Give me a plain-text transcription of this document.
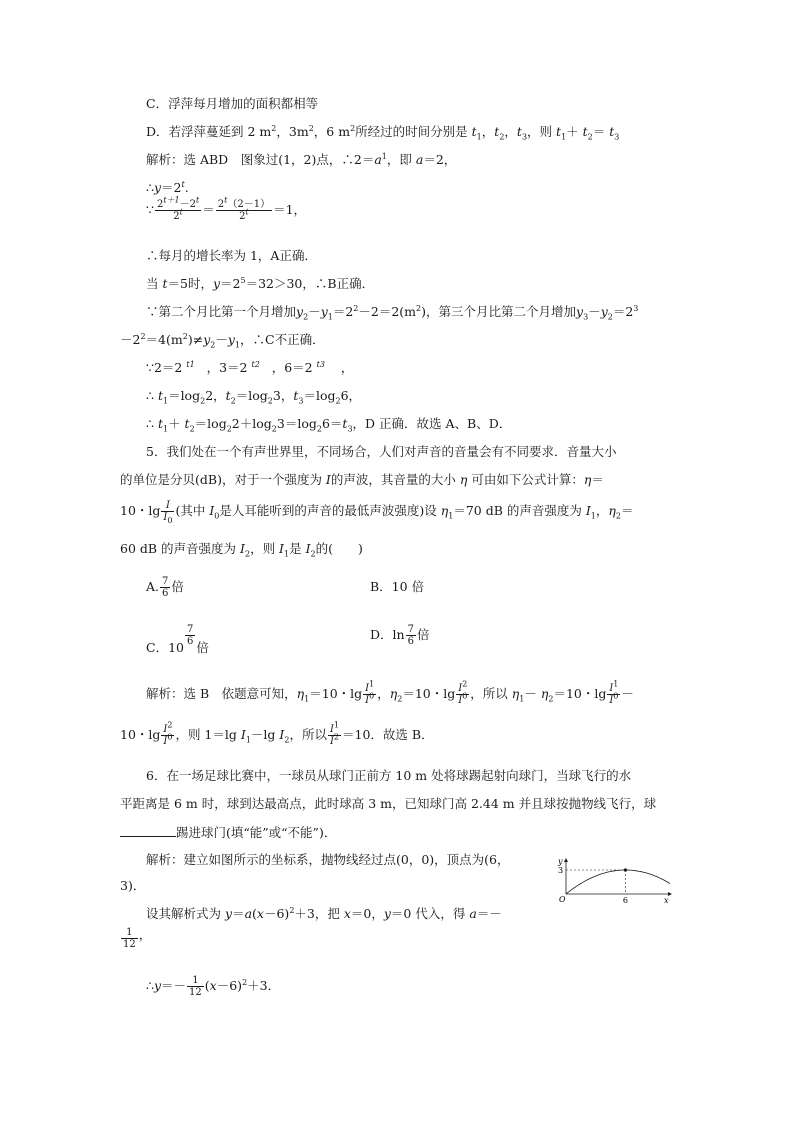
C．浮萍每月增加的面积都相等
D．若浮萍蔓延到 2 $m^2$，$3m^2$，6 $m^2$所经过的时间分别是 $t_1$，$t_2$，$t_3$，则 $t_1+ t_2= t_3$
解析：选 ABD　图象过(1，2)点，$\therefore 2=a^1$，即 a＝2，
$\therefore y=2^t$.
∵ $\frac{2^{t+1}-2^t}{2^t} = \frac{2^t(2-1)}{2^t} =1$，
∴每月的增长率为 1，A正确．
当 t＝5时，$y=2^5=32>30$，∴B正确．
∵第二个月比第一个月增加$y_2-y_1=2^2-2=2(m^2)$，第三个月比第二个月增加$y_3-y_2=2^3$
$-2^2=4(m^2)\ne y_2-y_1$，∴C不正确．
∵2＝2 $^{t1}$ ，3＝2 $^{t2}$ ，6＝2 $^{t3}$ ，
∴ $t_1=\log_22$，$t_2=\log_23$，$t_3=\log_26$，
∴ $t_1+ t_2=\log_22+\log_23=\log_26=t_3$，D 正确．故选 A、B、D．
5．我们处在一个有声世界里，不同场合，人们对声音的音量会有不同要求．音量大小
的单位是分贝(dB)，对于一个强度为 I的声波，其音量的大小 η 可由如下公式计算：η＝
10・$\lg \frac{I}{I_0}$ (其中 $I_0$是人耳能听到的声音的最低声波强度)设 $\eta_1=70$ dB 的声音强度为 $I_1$，$\eta_2=$
60 dB 的声音强度为 $I_2$，则 $I_1$是 $I_2$的(　　)
A. $\frac{7}{6}$ 倍	B．10 倍
C．10
$\frac{7}{6}$
倍
D．$\ln \frac{7}{6}$ 倍
解析：选 B　依题意可知，$\eta_1=10$・$\lg \frac{I^1}{I^0}$ ，$\eta_2=10$・$\lg \frac{I^2}{I^0}$ ，所以 $\eta_1- \eta_2=10$・$\lg \frac{I^1}{I^0}$ －
10・$\lg \frac{I^2}{I^0}$ ，则 1＝lg $I_1-\lg$ $I_2$，所以 $\frac{I^1}{I^2} =10$．故选 B．
6．在一场足球比赛中，一球员从球门正前方 10 m 处将球踢起射向球门，当球飞行的水
平距离是 6 m 时，球到达最高点，此时球高 3 m，已知球门高 2.44 m 并且球按抛物线飞行，球
踢进球门(填“能”或“不能”)．
解析：建立如图所示的坐标系，抛物线经过点(0，0)，顶点为(6，
3)．
设其解析式为 $y=a(x-6)^2+3$，把 x＝0，y＝0 代入，得 a＝－
$\frac{1}{12}$ ，
∴y＝－ $\frac{1}{12} (x-6)^2+3$．
y
x
O
3
6
